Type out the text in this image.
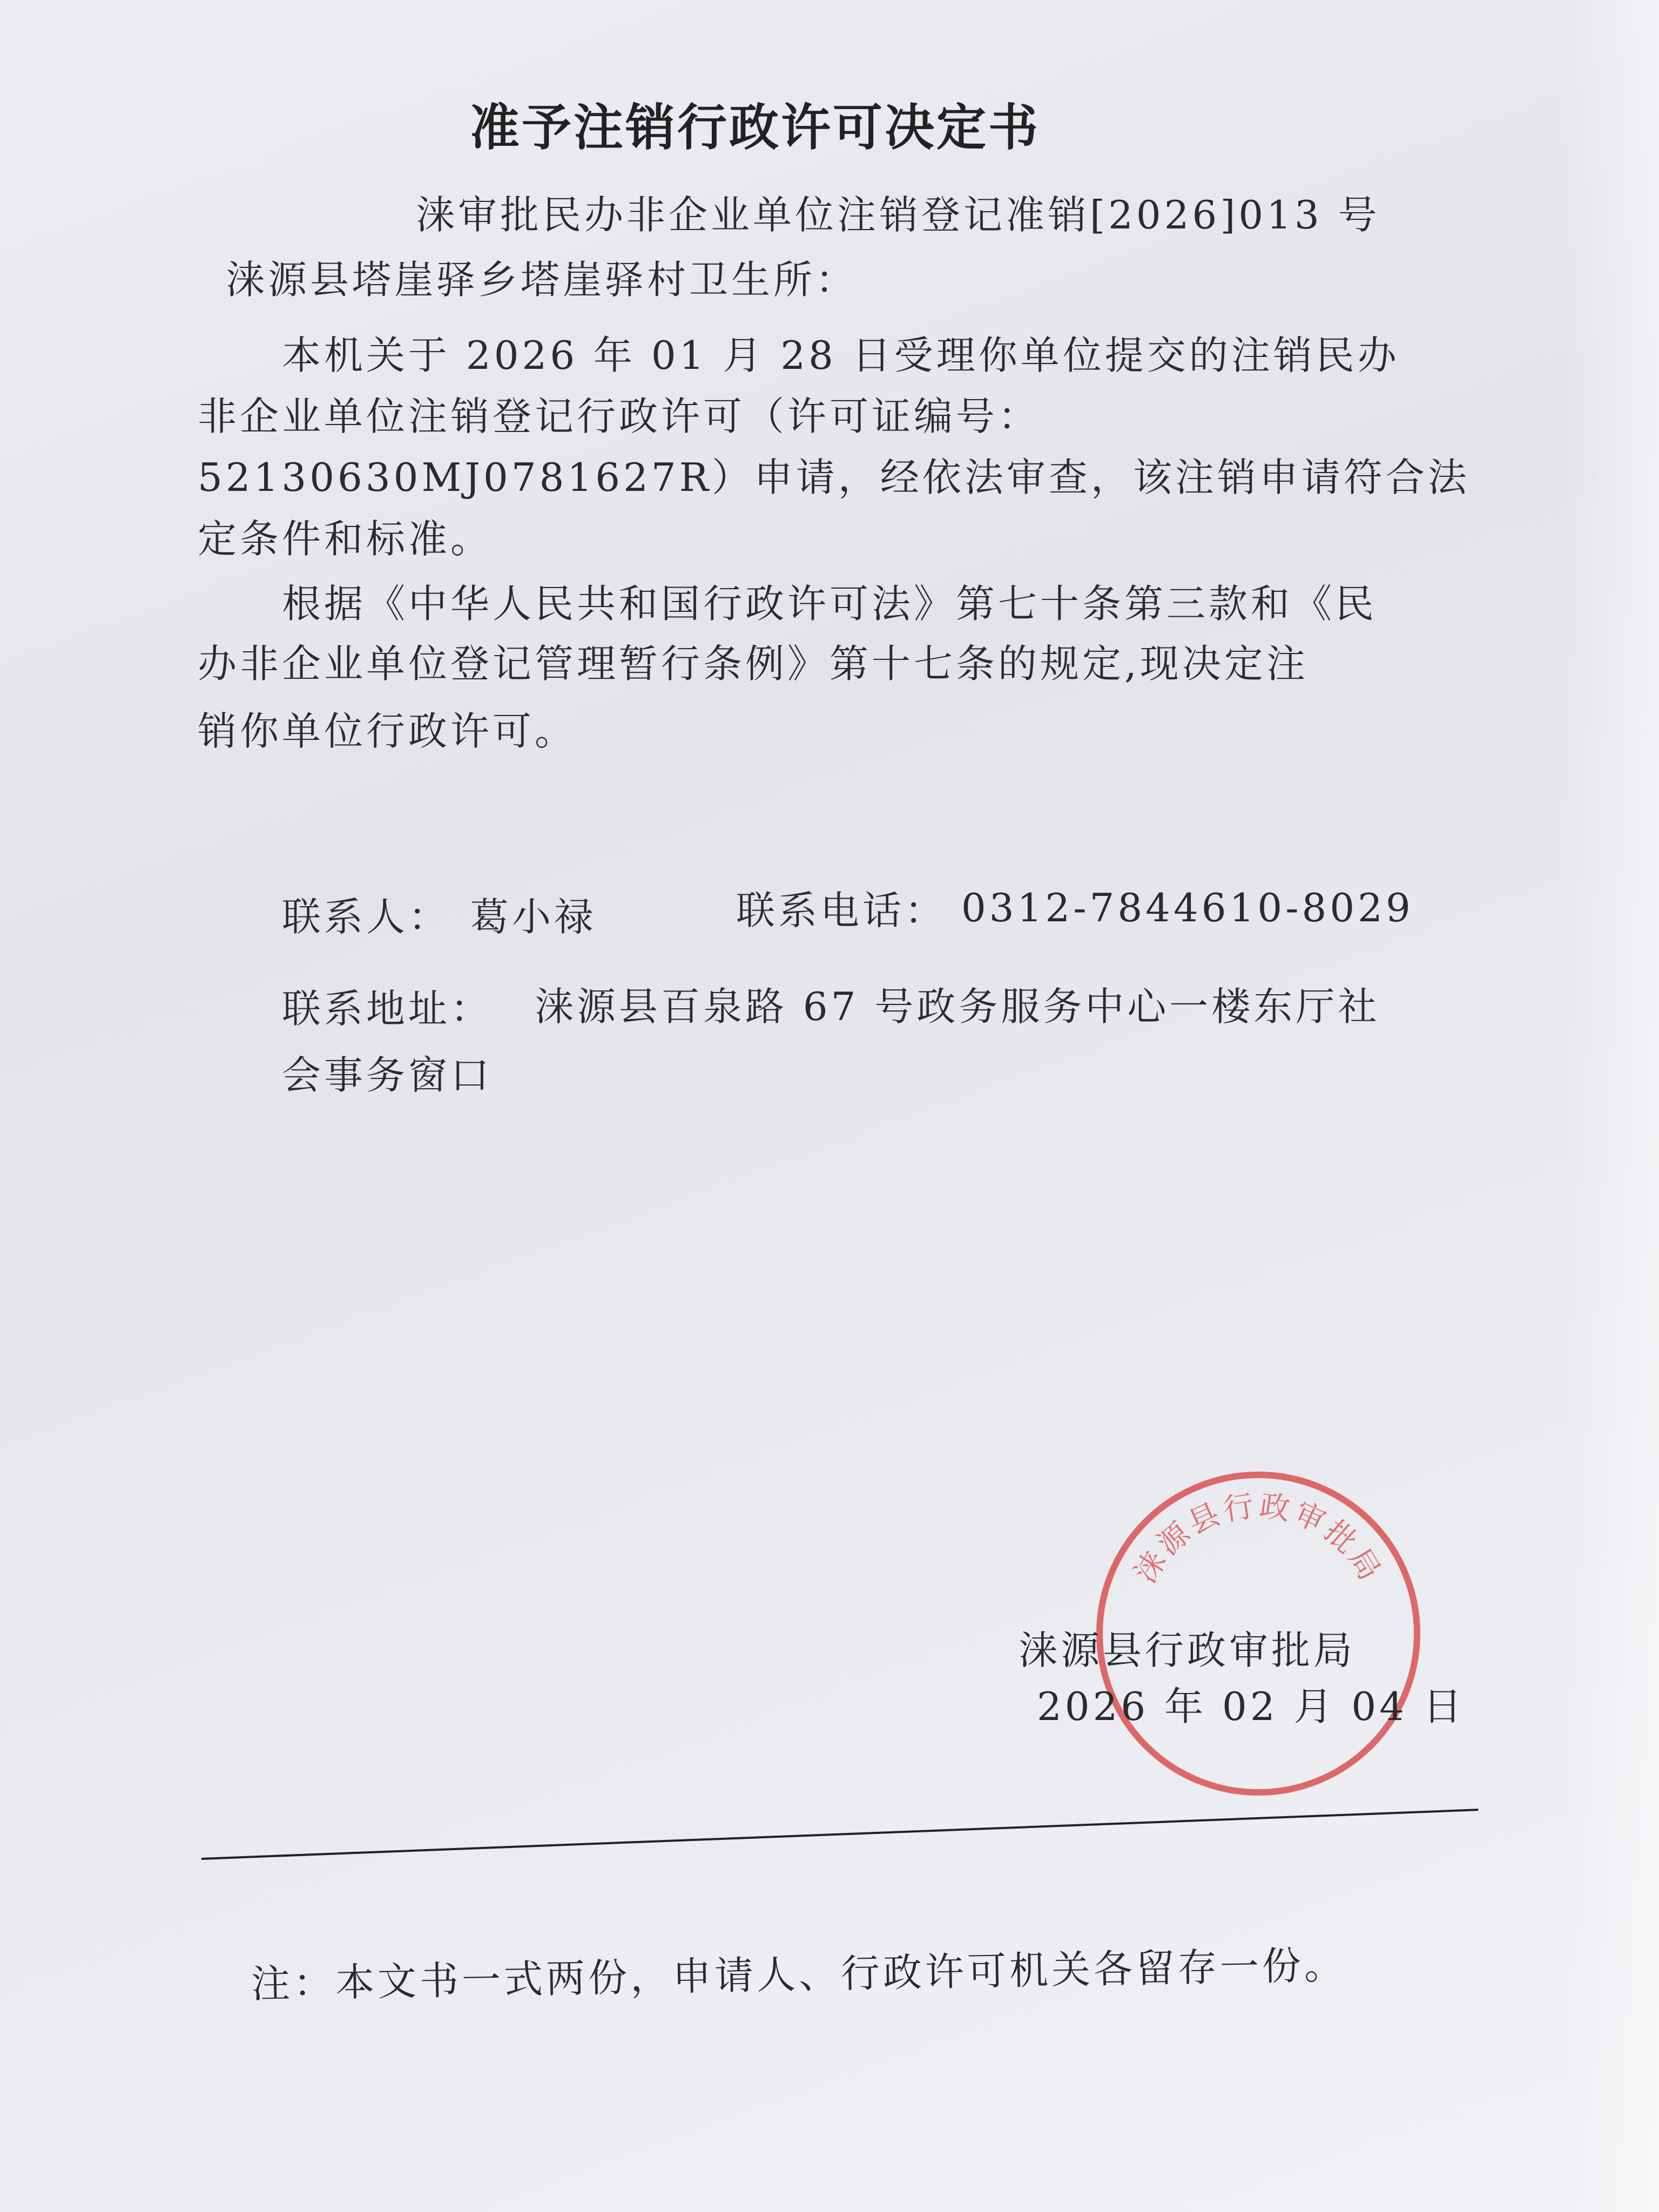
准予注销行政许可决定书
涞审批民办非企业单位注销登记准销[2026]013 号
涞源县塔崖驿乡塔崖驿村卫生所：
本机关于 2026 年 01 月 28 日受理你单位提交的注销民办
非企业单位注销登记行政许可（许可证编号：
52130630MJ0781627R）申请，经依法审查，该注销申请符合法
定条件和标准。
根据《中华人民共和国行政许可法》第七十条第三款和《民
办非企业单位登记管理暂行条例》第十七条的规定,现决定注
销你单位行政许可。
联系人： 葛小禄	联系电话： 0312-7844610-8029
联系地址： 涞源县百泉路 67 号政务服务中心一楼东厅社
会事务窗口
涞源县行政审批局
涞源县行政审批局
2026 年 02 月 04 日
注：本文书一式两份，申请人、行政许可机关各留存一份。
